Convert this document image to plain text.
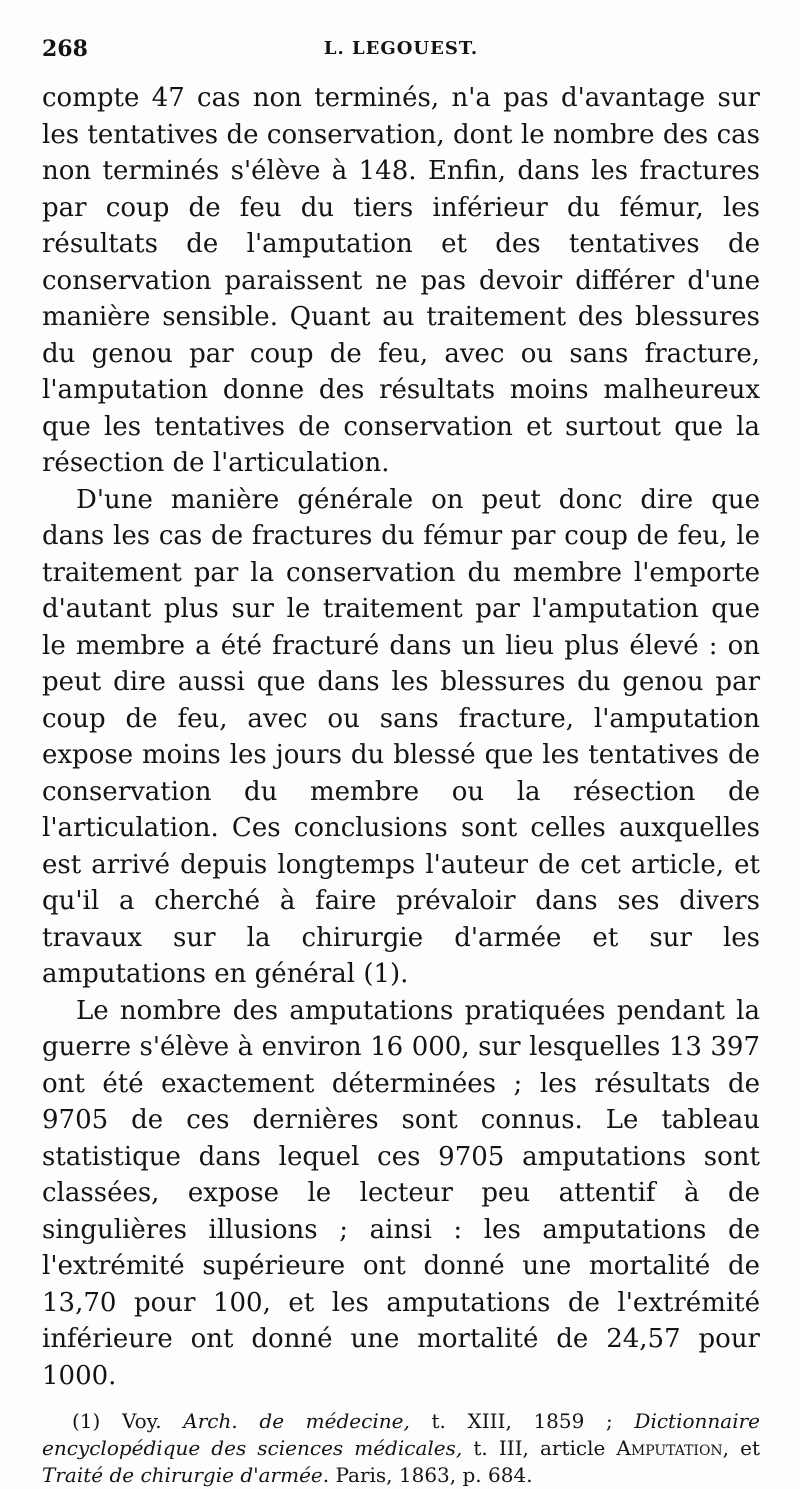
268	L. LEGOUEST.

compte 47 cas non terminés, n'a pas d'avantage sur les tentatives de conservation, dont le nombre des cas non terminés s'élève à 148. Enfin, dans les fractures par coup de feu du tiers inférieur du fémur, les résultats de l'amputation et des tentatives de conservation paraissent ne pas devoir différer d'une manière sensible. Quant au traitement des blessures du genou par coup de feu, avec ou sans fracture, l'amputation donne des résultats moins malheureux que les tentatives de conservation et surtout que la résection de l'articulation.

D'une manière générale on peut donc dire que dans les cas de fractures du fémur par coup de feu, le traitement par la conservation du membre l'emporte d'autant plus sur le traitement par l'amputation que le membre a été fracturé dans un lieu plus élevé : on peut dire aussi que dans les blessures du genou par coup de feu, avec ou sans fracture, l'amputation expose moins les jours du blessé que les tentatives de conservation du membre ou la résection de l'articulation. Ces conclusions sont celles auxquelles est arrivé depuis longtemps l'auteur de cet article, et qu'il a cherché à faire prévaloir dans ses divers travaux sur la chirurgie d'armée et sur les amputations en général (1).

Le nombre des amputations pratiquées pendant la guerre s'élève à environ 16 000, sur lesquelles 13 397 ont été exactement déterminées ; les résultats de 9705 de ces dernières sont connus. Le tableau statistique dans lequel ces 9705 amputations sont classées, expose le lecteur peu attentif à de singulières illusions ; ainsi : les amputations de l'extrémité supérieure ont donné une mortalité de 13,70 pour 100, et les amputations de l'extrémité inférieure ont donné une mortalité de 24,57 pour 1000.

(1) Voy. Arch. de médecine, t. XIII, 1859 ; Dictionnaire encyclopédique des sciences médicales, t. III, article Amputation, et Traité de chirurgie d'armée. Paris, 1863, p. 684.
